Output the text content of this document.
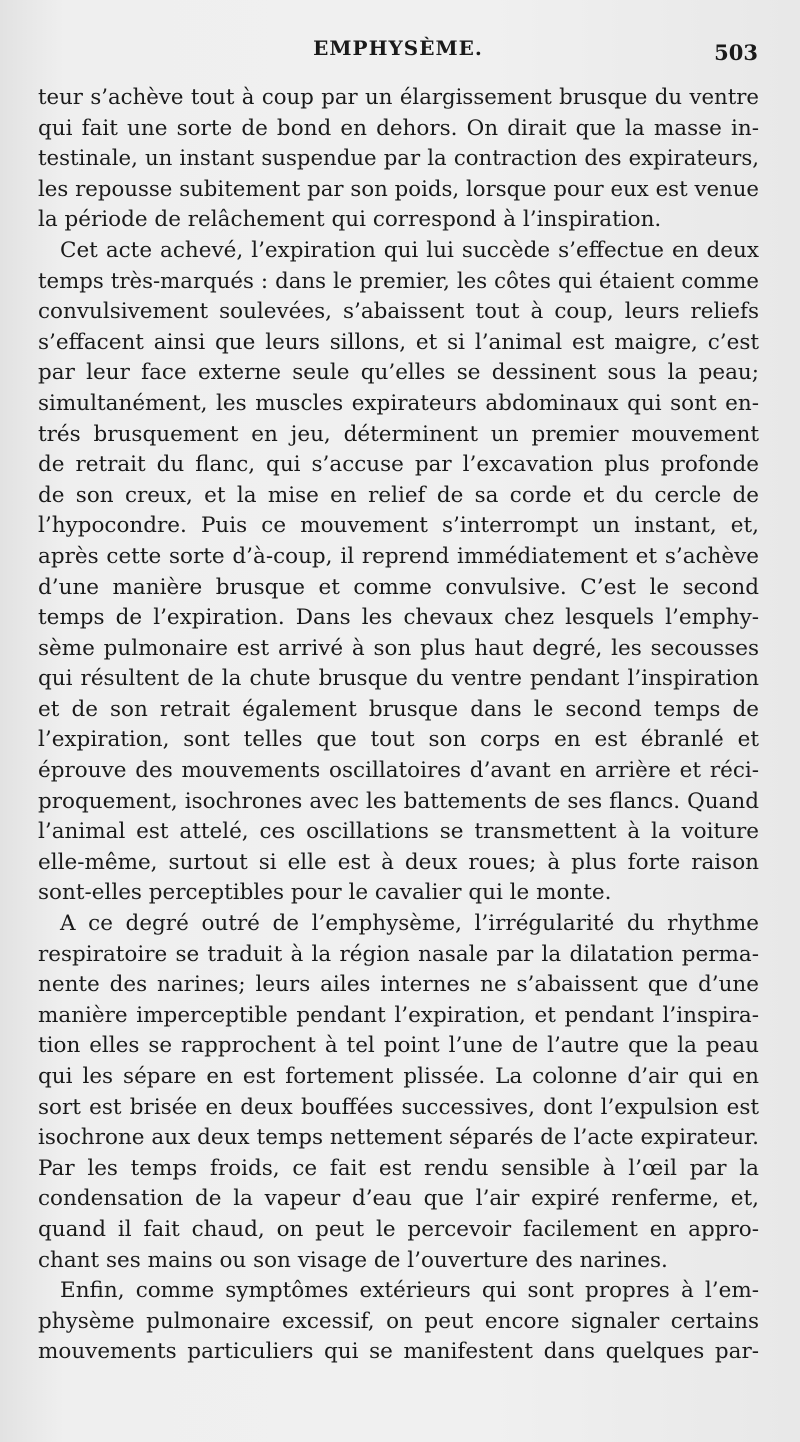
EMPHYSÈME.	503
teur s’achève tout à coup par un élargissement brusque du ventre
qui fait une sorte de bond en dehors. On dirait que la masse in-
testinale, un instant suspendue par la contraction des expirateurs,
les repousse subitement par son poids, lorsque pour eux est venue
la période de relâchement qui correspond à l’inspiration.
Cet acte achevé, l’expiration qui lui succède s’effectue en deux
temps très-marqués : dans le premier, les côtes qui étaient comme
convulsivement soulevées, s’abaissent tout à coup, leurs reliefs
s’effacent ainsi que leurs sillons, et si l’animal est maigre, c’est
par leur face externe seule qu’elles se dessinent sous la peau;
simultanément, les muscles expirateurs abdominaux qui sont en-
trés brusquement en jeu, déterminent un premier mouvement
de retrait du flanc, qui s’accuse par l’excavation plus profonde
de son creux, et la mise en relief de sa corde et du cercle de
l’hypocondre. Puis ce mouvement s’interrompt un instant, et,
après cette sorte d’à-coup, il reprend immédiatement et s’achève
d’une manière brusque et comme convulsive. C’est le second
temps de l’expiration. Dans les chevaux chez lesquels l’emphy-
sème pulmonaire est arrivé à son plus haut degré, les secousses
qui résultent de la chute brusque du ventre pendant l’inspiration
et de son retrait également brusque dans le second temps de
l’expiration, sont telles que tout son corps en est ébranlé et
éprouve des mouvements oscillatoires d’avant en arrière et réci-
proquement, isochrones avec les battements de ses flancs. Quand
l’animal est attelé, ces oscillations se transmettent à la voiture
elle-même, surtout si elle est à deux roues; à plus forte raison
sont-elles perceptibles pour le cavalier qui le monte.
A ce degré outré de l’emphysème, l’irrégularité du rhythme
respiratoire se traduit à la région nasale par la dilatation perma-
nente des narines; leurs ailes internes ne s’abaissent que d’une
manière imperceptible pendant l’expiration, et pendant l’inspira-
tion elles se rapprochent à tel point l’une de l’autre que la peau
qui les sépare en est fortement plissée. La colonne d’air qui en
sort est brisée en deux bouffées successives, dont l’expulsion est
isochrone aux deux temps nettement séparés de l’acte expirateur.
Par les temps froids, ce fait est rendu sensible à l’œil par la
condensation de la vapeur d’eau que l’air expiré renferme, et,
quand il fait chaud, on peut le percevoir facilement en appro-
chant ses mains ou son visage de l’ouverture des narines.
Enfin, comme symptômes extérieurs qui sont propres à l’em-
physème pulmonaire excessif, on peut encore signaler certains
mouvements particuliers qui se manifestent dans quelques par-
